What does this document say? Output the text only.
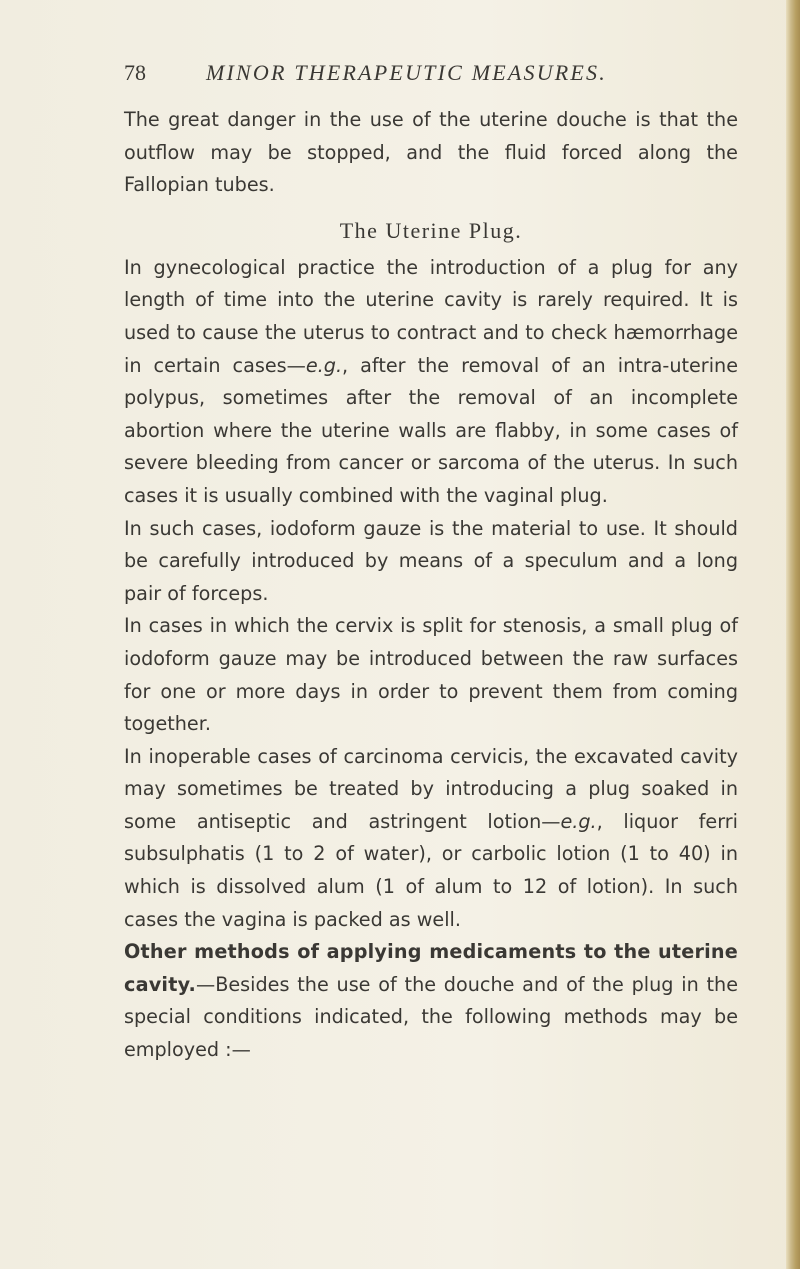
78	MINOR THERAPEUTIC MEASURES.

The great danger in the use of the uterine douche is that the outflow may be stopped, and the fluid forced along the Fallopian tubes.

The Uterine Plug.

In gynecological practice the introduction of a plug for any length of time into the uterine cavity is rarely required. It is used to cause the uterus to contract and to check hæmorrhage in certain cases—e.g., after the removal of an intra-uterine polypus, sometimes after the removal of an incomplete abortion where the uterine walls are flabby, in some cases of severe bleeding from cancer or sarcoma of the uterus. In such cases it is usually combined with the vaginal plug.

In such cases, iodoform gauze is the material to use. It should be carefully introduced by means of a speculum and a long pair of forceps.

In cases in which the cervix is split for stenosis, a small plug of iodoform gauze may be introduced between the raw surfaces for one or more days in order to prevent them from coming together.

In inoperable cases of carcinoma cervicis, the excavated cavity may sometimes be treated by introducing a plug soaked in some antiseptic and astringent lotion—e.g., liquor ferri subsulphatis (1 to 2 of water), or carbolic lotion (1 to 40) in which is dissolved alum (1 of alum to 12 of lotion). In such cases the vagina is packed as well.

Other methods of applying medicaments to the uterine cavity.—Besides the use of the douche and of the plug in the special conditions indicated, the following methods may be employed :—
